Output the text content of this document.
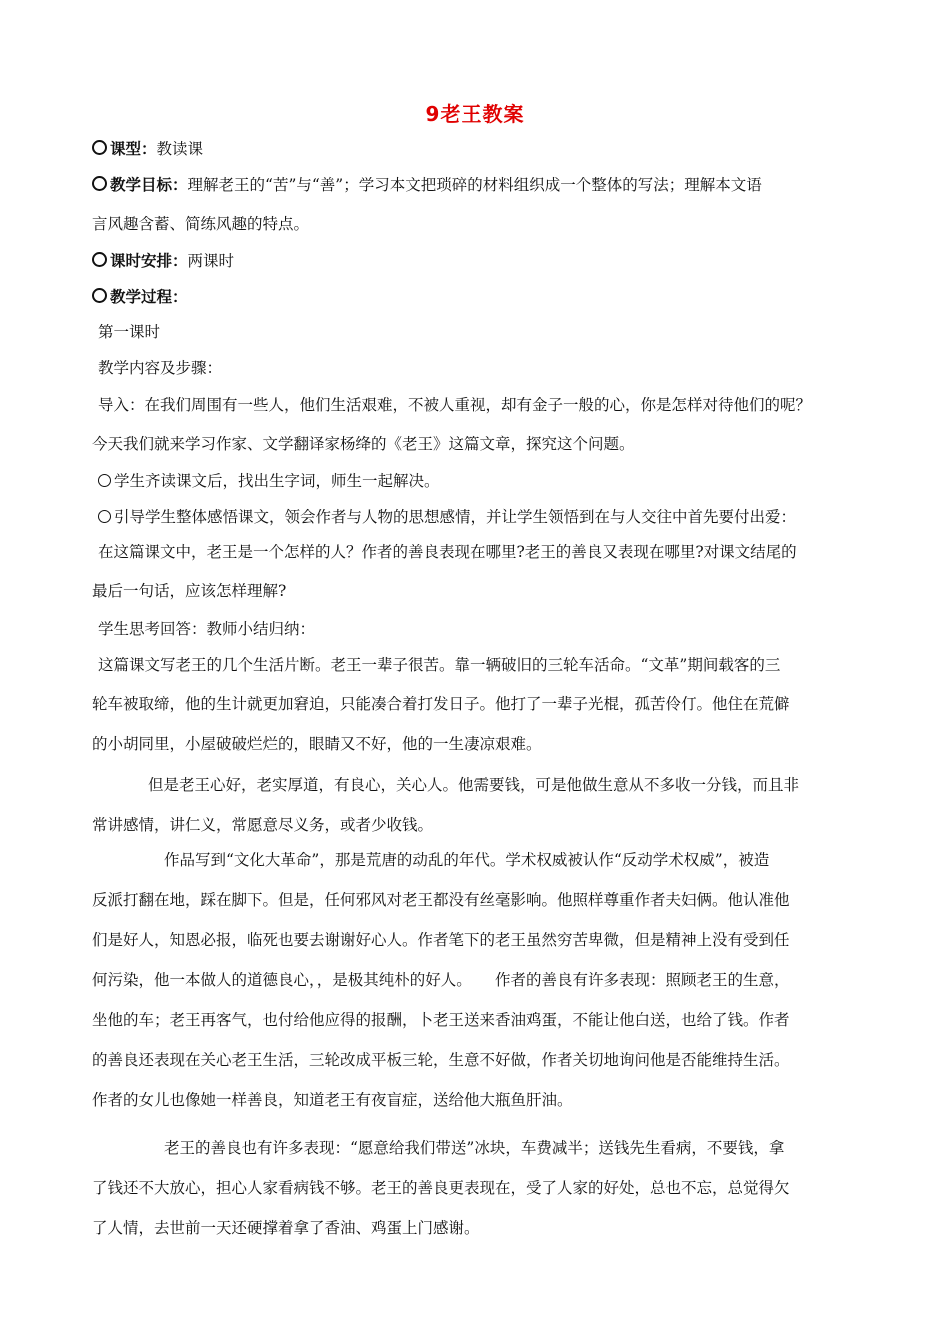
9老王教案
课型：教读课
教学目标：理解老王的“苦”与“善”；学习本文把琐碎的材料组织成一个整体的写法；理解本文语
言风趣含蓄、简练风趣的特点。
课时安排：两课时
教学过程：
第一课时
教学内容及步骤：
导入：在我们周围有一些人，他们生活艰难，不被人重视，却有金子一般的心，你是怎样对待他们的呢？
今天我们就来学习作家、文学翻译家杨绛的《老王》这篇文章，探究这个问题。
学生齐读课文后，找出生字词，师生一起解决。
引导学生整体感悟课文，领会作者与人物的思想感情，并让学生领悟到在与人交往中首先要付出爱：
在这篇课文中，老王是一个怎样的人？作者的善良表现在哪里?老王的善良又表现在哪里?对课文结尾的
最后一句话，应该怎样理解?
学生思考回答：教师小结归纳：
这篇课文写老王的几个生活片断。老王一辈子很苦。靠一辆破旧的三轮车活命。“文革”期间载客的三
轮车被取缔，他的生计就更加窘迫，只能凑合着打发日子。他打了一辈子光棍，孤苦伶仃。他住在荒僻
的小胡同里，小屋破破烂烂的，眼睛又不好，他的一生凄凉艰难。
但是老王心好，老实厚道，有良心，关心人。他需要钱，可是他做生意从不多收一分钱，而且非
常讲感情，讲仁义，常愿意尽义务，或者少收钱。
作品写到“文化大革命”，那是荒唐的动乱的年代。学术权威被认作“反动学术权威”，被造
反派打翻在地，踩在脚下。但是，任何邪风对老王都没有丝毫影响。他照样尊重作者夫妇俩。他认准他
们是好人，知恩必报，临死也要去谢谢好心人。作者笔下的老王虽然穷苦卑微，但是精神上没有受到任
何污染，他一本做人的道德良心，，是极其纯朴的好人。　　作者的善良有许多表现：照顾老王的生意，
坐他的车；老王再客气，也付给他应得的报酬，卜老王送来香油鸡蛋，不能让他白送，也给了钱。作者
的善良还表现在关心老王生活，三轮改成平板三轮，生意不好做，作者关切地询问他是否能维持生活。
作者的女儿也像她一样善良，知道老王有夜盲症，送给他大瓶鱼肝油。
老王的善良也有许多表现：“愿意给我们带送”冰块，车费减半；送钱先生看病，不要钱，拿
了钱还不大放心，担心人家看病钱不够。老王的善良更表现在，受了人家的好处，总也不忘，总觉得欠
了人情，去世前一天还硬撑着拿了香油、鸡蛋上门感谢。
